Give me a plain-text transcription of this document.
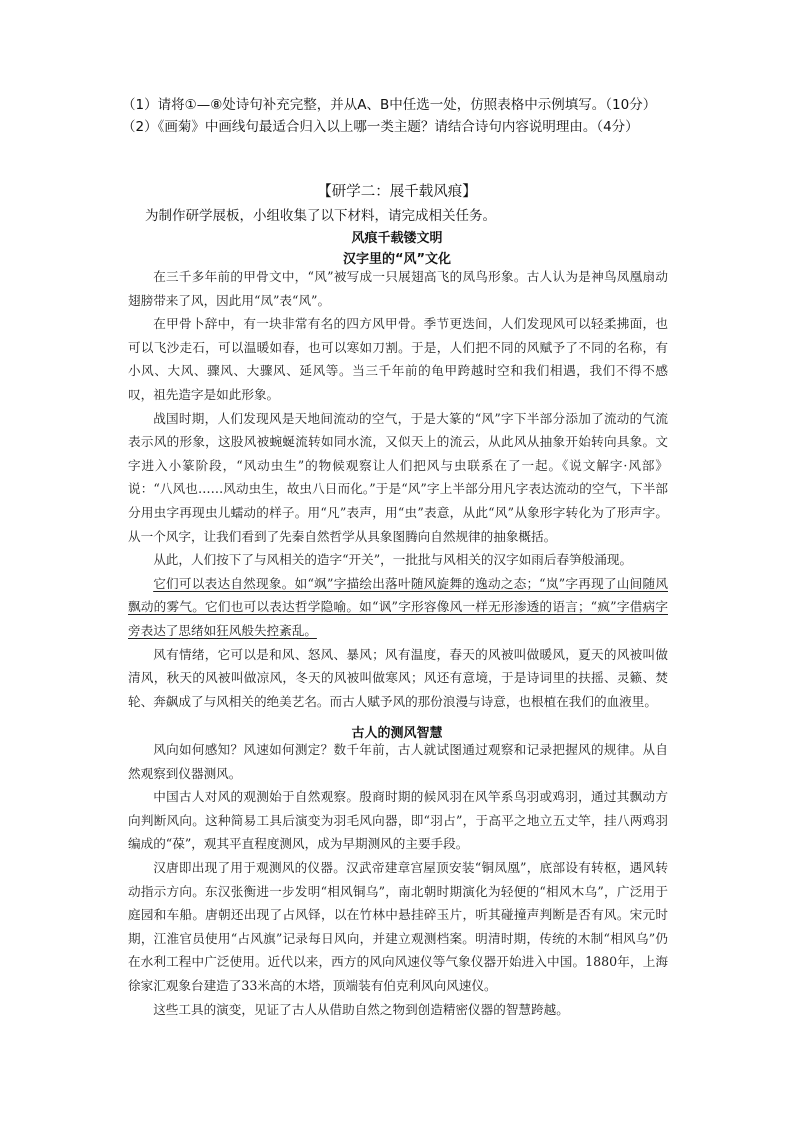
（1）请将①—⑧处诗句补充完整，并从A、B中任选一处，仿照表格中示例填写。（10分）
（2）《画菊》中画线句最适合归入以上哪一类主题？请结合诗句内容说明理由。（4分）
【研学二：展千载风痕】
为制作研学展板，小组收集了以下材料，请完成相关任务。
风痕千载镂文明
汉字里的“风”文化

在三千多年前的甲骨文中，“风”被写成一只展翅高飞的凤鸟形象。古人认为是神鸟凤凰扇动翅膀带来了风，因此用“凤”表“风”。

在甲骨卜辞中，有一块非常有名的四方风甲骨。季节更迭间，人们发现风可以轻柔拂面，也可以飞沙走石，可以温暖如春，也可以寒如刀割。于是，人们把不同的风赋予了不同的名称，有小风、大风、骤风、大骤风、延风等。当三千年前的龟甲跨越时空和我们相遇，我们不得不感叹，祖先造字是如此形象。

战国时期，人们发现风是天地间流动的空气，于是大篆的“风”字下半部分添加了流动的气流表示风的形象，这股风被蜿蜒流转如同水流，又似天上的流云，从此风从抽象开始转向具象。文字进入小篆阶段，“风动虫生”的物候观察让人们把风与虫联系在了一起。《说文解字·风部》说：“八风也……风动虫生，故虫八日而化。”于是“风”字上半部分用凡字表达流动的空气，下半部分用虫字再现虫儿蠕动的样子。用“凡”表声，用“虫”表意，从此“风”从象形字转化为了形声字。从一个风字，让我们看到了先秦自然哲学从具象图腾向自然规律的抽象概括。

从此，人们按下了与风相关的造字“开关”，一批批与风相关的汉字如雨后春笋般涌现。

它们可以表达自然现象。如“飒”字描绘出落叶随风旋舞的逸动之态；“岚”字再现了山间随风飘动的雾气。它们也可以表达哲学隐喻。如“讽”字形容像风一样无形渗透的语言；“疯”字借病字旁表达了思绪如狂风般失控紊乱。

风有情绪，它可以是和风、怒风、暴风；风有温度，春天的风被叫做暖风，夏天的风被叫做清风，秋天的风被叫做凉风，冬天的风被叫做寒风；风还有意境，于是诗词里的扶摇、灵籁、焚轮、奔飙成了与风相关的绝美艺名。而古人赋予风的那份浪漫与诗意，也根植在我们的血液里。

古人的测风智慧

风向如何感知？风速如何测定？数千年前，古人就试图通过观察和记录把握风的规律。从自然观察到仪器测风。

中国古人对风的观测始于自然观察。殷商时期的候风羽在风竿系鸟羽或鸡羽，通过其飘动方向判断风向。这种简易工具后演变为羽毛风向器，即“羽占”，于高平之地立五丈竿，挂八两鸡羽编成的“葆”，观其平直程度测风，成为早期测风的主要手段。

汉唐即出现了用于观测风的仪器。汉武帝建章宫屋顶安装“铜凤凰”，底部设有转枢，遇风转动指示方向。东汉张衡进一步发明“相风铜乌”，南北朝时期演化为轻便的“相风木乌”，广泛用于庭园和车船。唐朝还出现了占风铎，以在竹林中悬挂碎玉片，听其碰撞声判断是否有风。宋元时期，江淮官员使用“占风旗”记录每日风向，并建立观测档案。明清时期，传统的木制“相风乌”仍在水利工程中广泛使用。近代以来，西方的风向风速仪等气象仪器开始进入中国。1880年，上海徐家汇观象台建造了33米高的木塔，顶端装有伯克利风向风速仪。

这些工具的演变，见证了古人从借助自然之物到创造精密仪器的智慧跨越。
